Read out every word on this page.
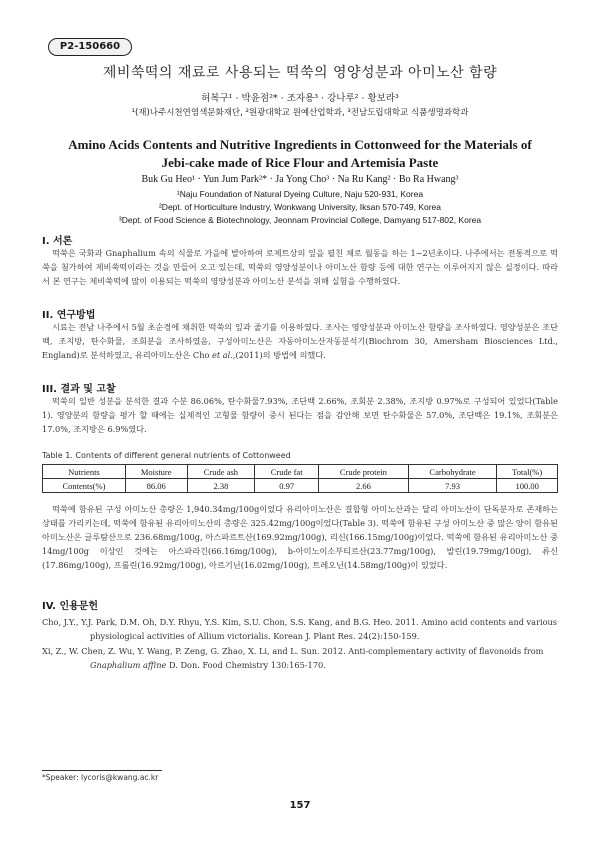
P2-150660
제비쑥떡의 재료로 사용되는 떡쑥의 영양성분과 아미노산 함량
허복구¹ · 박윤점²* · 조자용³ · 강나루² · 황보라³
¹(재)나주시천연염색문화재단, ²원광대학교 원예산업학과, ³전남도립대학교 식품생명과학과
Amino Acids Contents and Nutritive Ingredients in Cottonweed for the Materials of
Jebi-cake made of Rice Flour and Artemisia Paste
Buk Gu Heo¹ · Yun Jum Park²* · Ja Yong Cho³ · Na Ru Kang² · Bo Ra Hwang³
¹Naju Foundation of Natural Dyeing Culture, Naju 520-931, Korea
²Dept. of Horticulture Industry, Wonkwang University, Iksan 570-749, Korea
³Dept. of Food Science & Biotechnology, Jeonnam Provincial College, Damyang 517-802, Korea
I. 서론

떡쑥은 국화과 Gnaphalium 속의 식물로 가을에 발아하여 로제트상의 잎을 펼친 채로 월동을 하는 1~2년초이다. 나주에서는 전통적으로 떡쑥을 첨가하여 제비쑥떡이라는 것을 만들어 오고 있는데, 떡쑥의 영양성분이나 아미노산 함량 등에 대한 연구는 이루어지지 않은 실정이다. 따라서 본 연구는 제비쑥떡에 많이 이용되는 떡쑥의 영양성분과 아미노산 분석을 위해 실험을 수행하였다.

II. 연구방법

시료는 전남 나주에서 5월 초순경에 채취한 떡쑥의 잎과 줄기를 이용하였다. 조사는 영양성분과 아미노산 함량을 조사하였다. 영양성분은 조단백, 조지방, 탄수화물, 조회분을 조사하였음, 구성아미노산은 자동아미노산자동분석기(Biochrom 30, Amersham Biosciences Ltd., England)로 분석하였고, 유리아미노산은 Cho et al.,(2011)의 방법에 의했다.

III. 결과 및 고찰

떡쑥의 일반 성분을 분석한 결과 수분 86.06%, 탄수화물7.93%, 조단백 2.66%, 조회분 2.38%, 조지방 0.97%로 구성되어 있었다(Table 1). 영양분의 함량을 평가 할 때에는 실제적인 고형물 함량이 중시 된다는 점을 감안해 보면 탄수화물은 57.0%, 조단백은 19.1%, 조회분은 17.0%, 조지방은 6.9%였다.

Table 1. Contents of different general nutrients of Cottonweed
Nutrients	Moisture	Crude ash	Crude fat	Crude protein	Carbohydrate	Total(%)
Contents(%)	86.06	2.38	0.97	2.66	7.93	100.00

떡쑥에 함유된 구성 아미노산 총량은 1,940.34mg/100g이었다 유리아미노산은 결합형 아미노산과는 달리 아미노산이 단독분자로 존재하는 상태를 가리키는데, 떡쑥에 함유된 유리아미노산의 총량은 325.42mg/100g이었다(Table 3). 떡쑥에 함유된 구성 아미노산 중 많은 양이 함유된 아미노산은 글루탐산으로 236.68mg/100g, 아스파르트산(169.92mg/100g), 리신(166.15mg/100g)이었다. 떡쑥에 함유된 유리아미노산 중 14mg/100g 이상인 것에는 아스파라긴(66.16mg/100g), b-아미노이소부티르산(23.77mg/100g), 발린(19.79mg/100g), 류신(17.86mg/100g), 프롤린(16.92mg/100g), 아르기닌(16.02mg/100g), 트레오닌(14.58mg/100g)이 있었다.

IV. 인용문헌

Cho, J.Y., Y.J. Park, D.M. Oh, D.Y. Rhyu, Y.S. Kim, S.U. Chon, S.S. Kang, and B.G. Heo. 2011. Amino acid contents and various physiological activities of Allium victorialis. Korean J. Plant Res. 24(2):150-159.

Xi, Z., W. Chen, Z. Wu, Y. Wang, P. Zeng, G. Zhao, X. Li, and L. Sun. 2012. Anti-complementary activity of flavonoids from Gnaphalium affine D. Don. Food Chemistry 130:165-170.

*Speaker: lycoris@kwang.ac.kr
157
